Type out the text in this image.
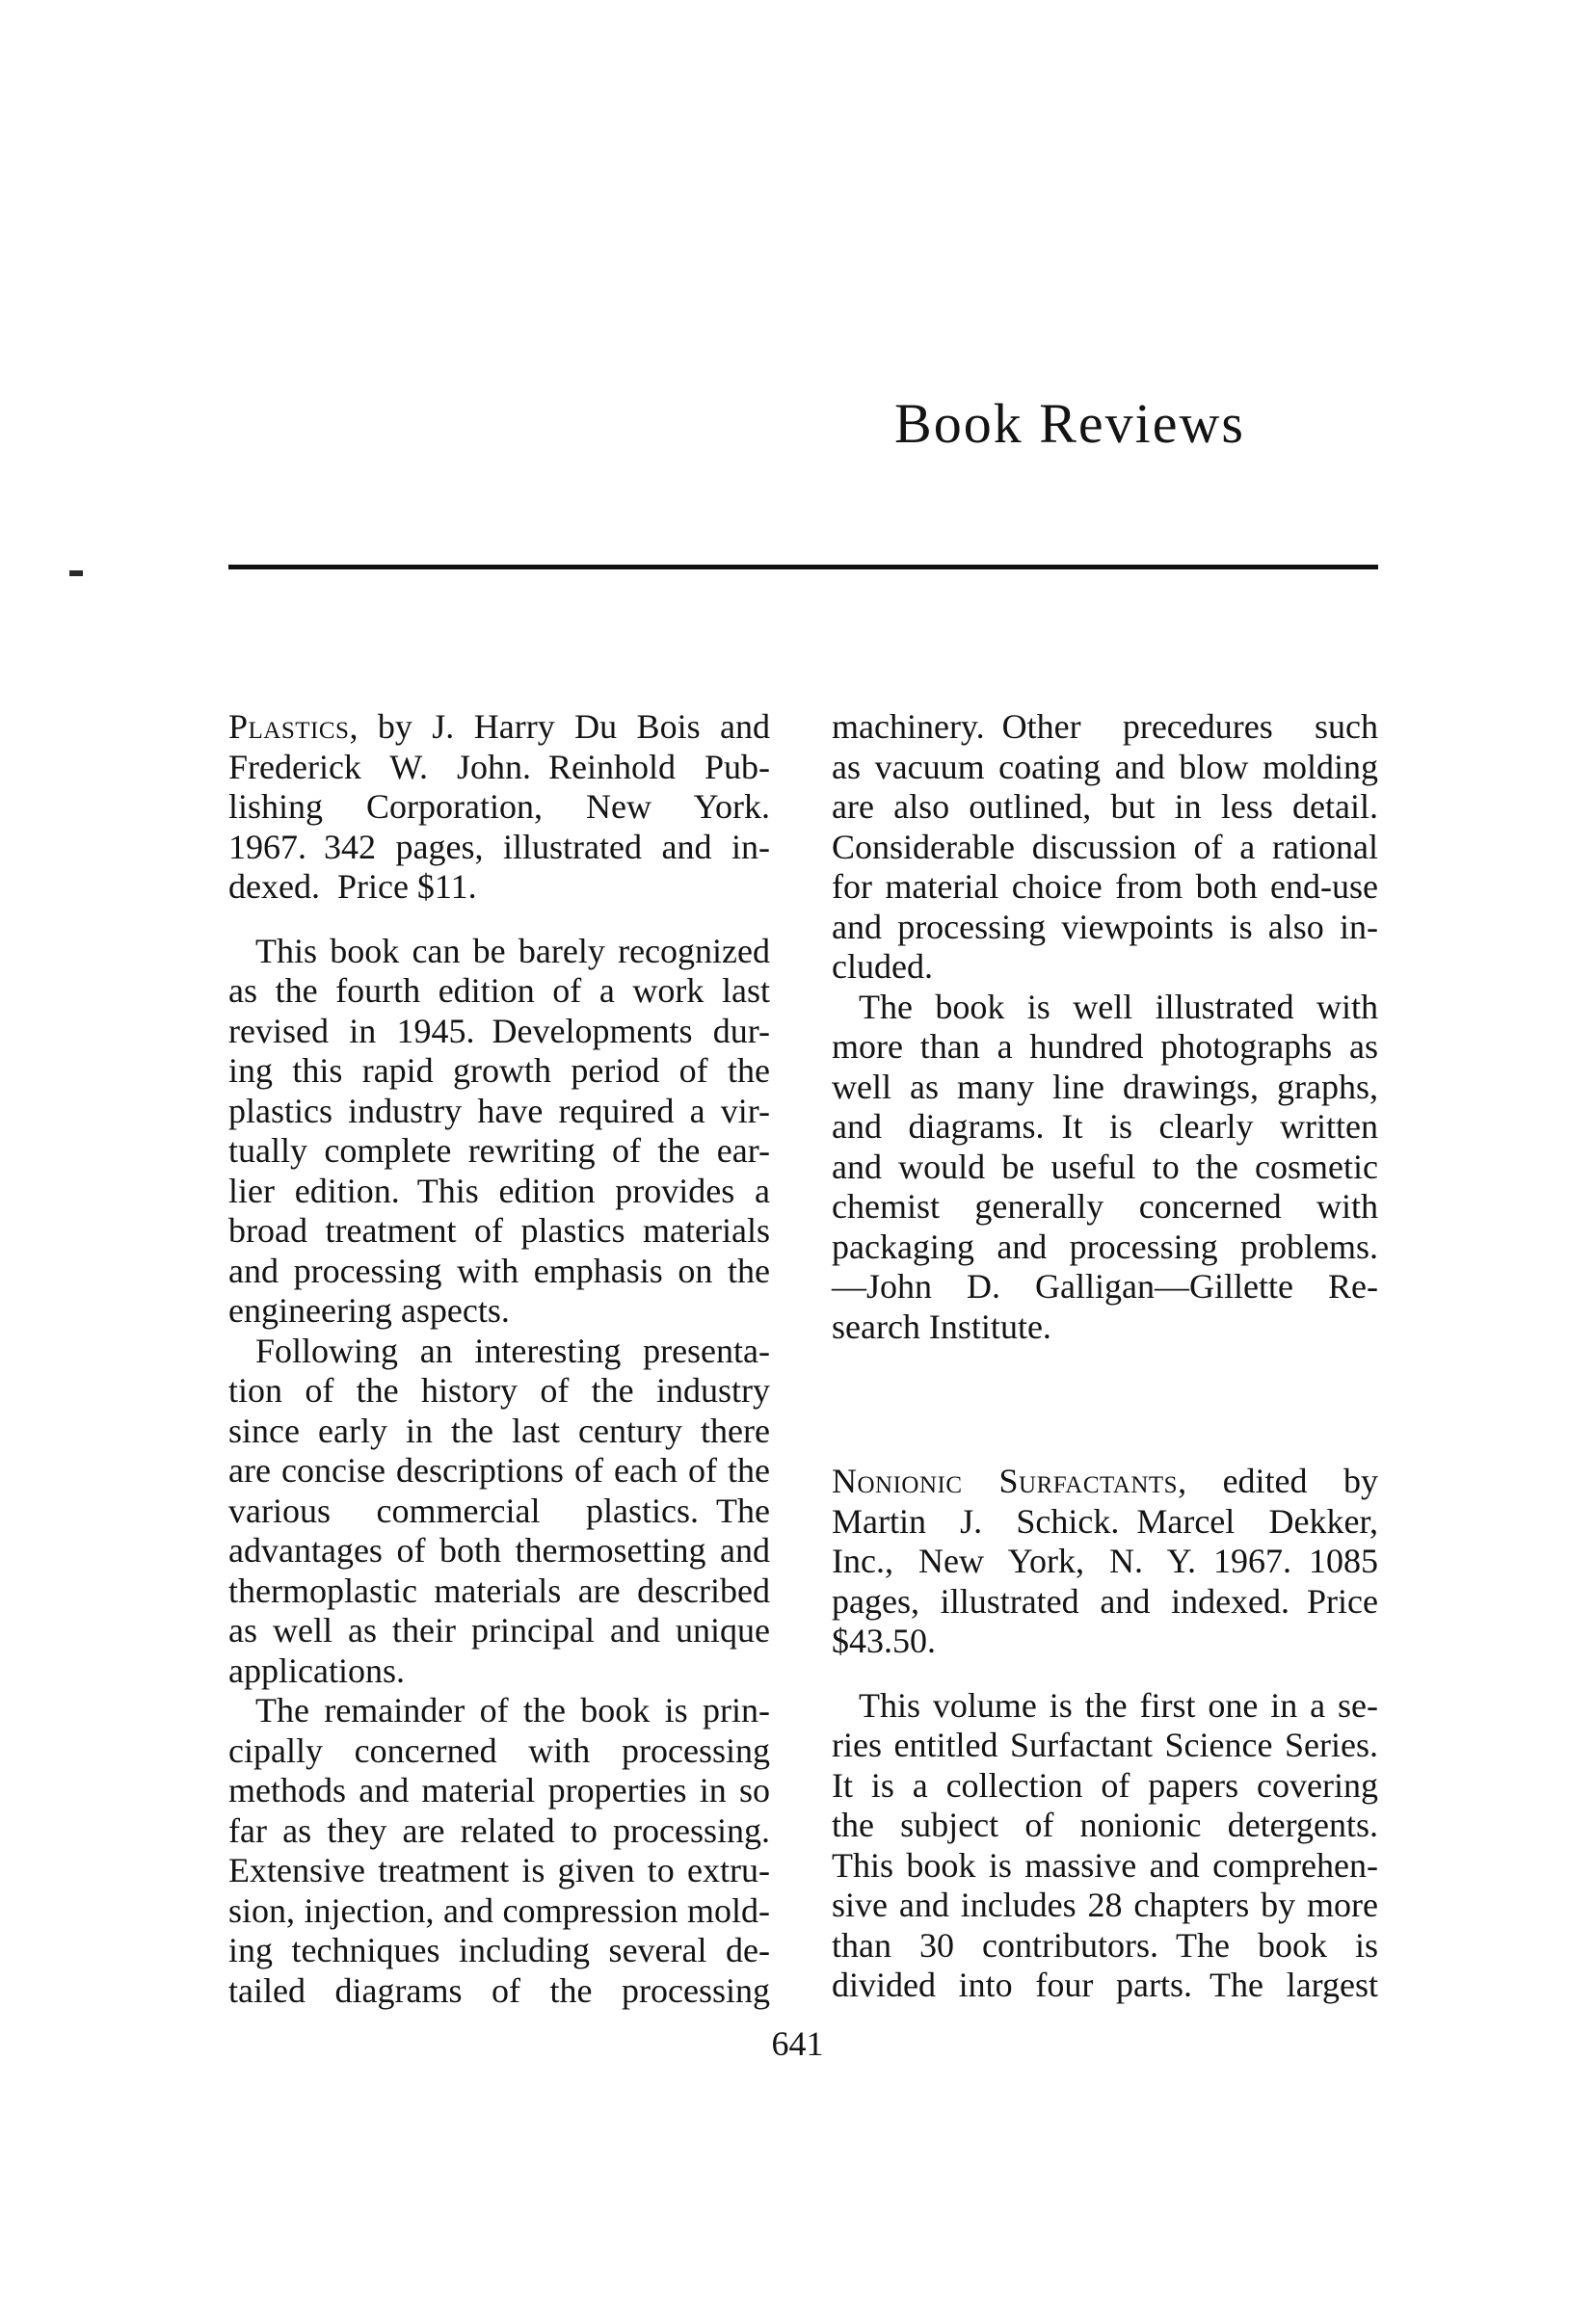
Book Reviews

Plastics, by J. Harry Du Bois and
Frederick W. John. Reinhold Pub-
lishing Corporation, New York.
1967. 342 pages, illustrated and in-
dexed. Price $11.

This book can be barely recognized
as the fourth edition of a work last
revised in 1945. Developments dur-
ing this rapid growth period of the
plastics industry have required a vir-
tually complete rewriting of the ear-
lier edition. This edition provides a
broad treatment of plastics materials
and processing with emphasis on the
engineering aspects.

Following an interesting presenta-
tion of the history of the industry
since early in the last century there
are concise descriptions of each of the
various commercial plastics. The
advantages of both thermosetting and
thermoplastic materials are described
as well as their principal and unique
applications.

The remainder of the book is prin-
cipally concerned with processing
methods and material properties in so
far as they are related to processing.
Extensive treatment is given to extru-
sion, injection, and compression mold-
ing techniques including several de-
tailed diagrams of the processing

machinery. Other precedures such
as vacuum coating and blow molding
are also outlined, but in less detail.
Considerable discussion of a rational
for material choice from both end-use
and processing viewpoints is also in-
cluded.

The book is well illustrated with
more than a hundred photographs as
well as many line drawings, graphs,
and diagrams. It is clearly written
and would be useful to the cosmetic
chemist generally concerned with
packaging and processing problems.
—John D. Galligan—Gillette Re-
search Institute.

Nonionic Surfactants, edited by
Martin J. Schick. Marcel Dekker,
Inc., New York, N. Y. 1967. 1085
pages, illustrated and indexed. Price
$43.50.

This volume is the first one in a se-
ries entitled Surfactant Science Series.
It is a collection of papers covering
the subject of nonionic detergents.
This book is massive and comprehen-
sive and includes 28 chapters by more
than 30 contributors. The book is
divided into four parts. The largest

641
